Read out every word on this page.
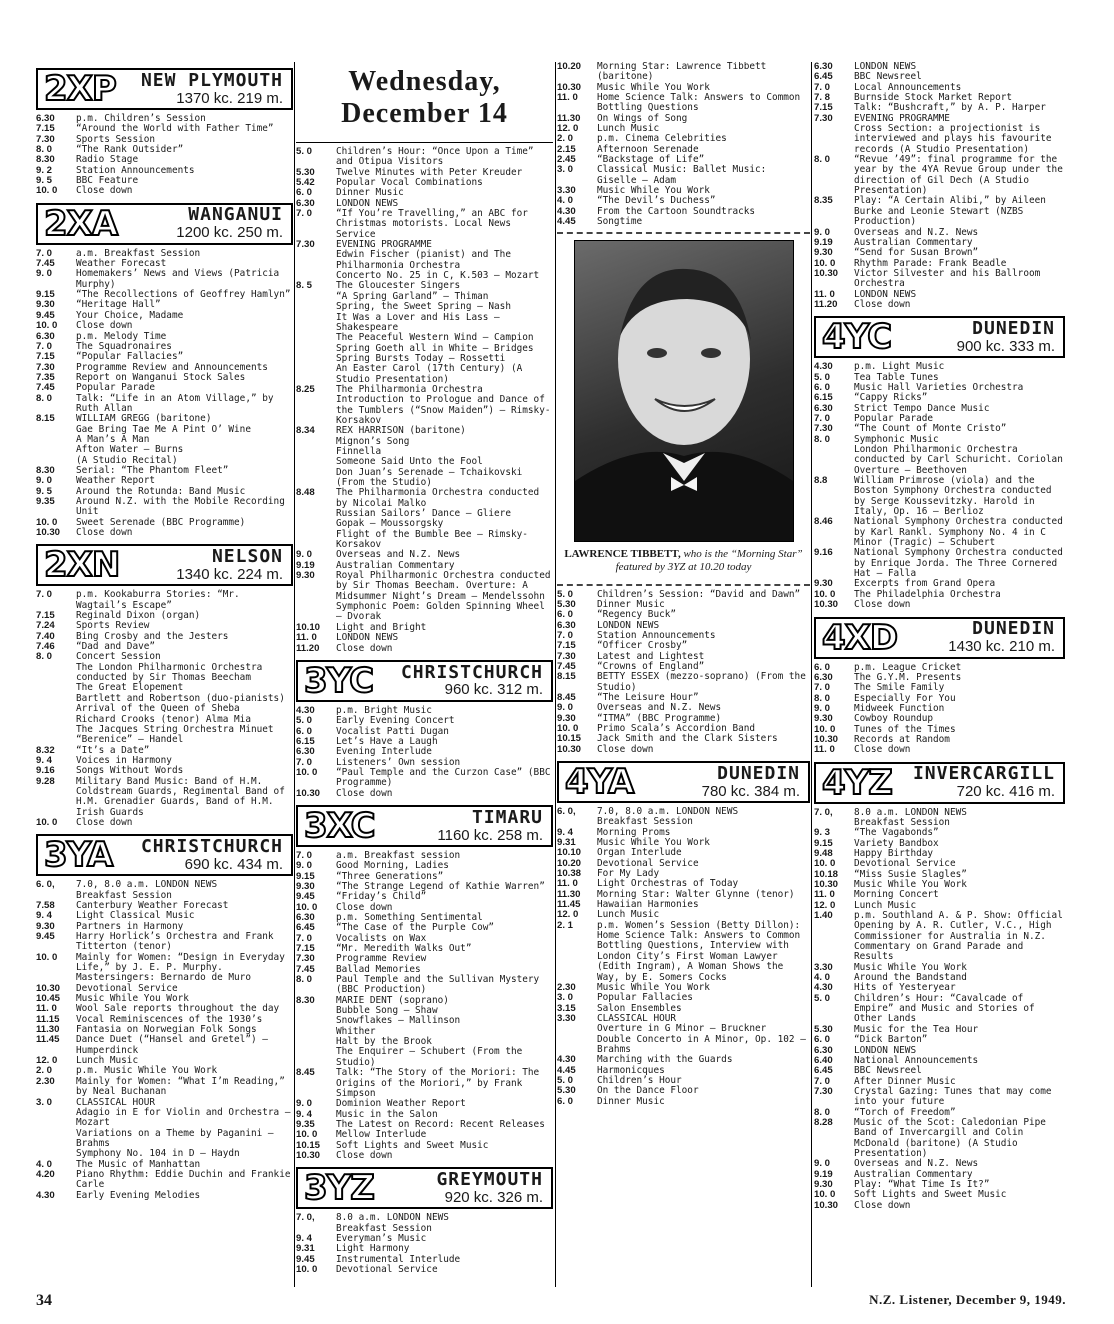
2XP	NEW PLYMOUTH
1370 kc. 219 m.
6.30	p.m. Children’s Session
7.15	“Around the World with Father Time”
7.30	Sports Session
8. 0	“The Rank Outsider”
8.30	Radio Stage
9. 2	Station Announcements
9. 5	BBC Feature
10. 0	Close down
2XA	WANGANUI
1200 kc. 250 m.
7. 0	a.m. Breakfast Session
7.45	Weather Forecast
9. 0	Homemakers’ News and Views (Patricia Murphy)
9.15	“The Recollections of Geoffrey Hamlyn”
9.30	“Heritage Hall”
9.45	Your Choice, Madame
10. 0	Close down
6.30	p.m. Melody Time
7. 0	The Squadronaires
7.15	“Popular Fallacies”
7.30	Programme Review and Announcements
7.35	Report on Wanganui Stock Sales
7.45	Popular Parade
8. 0	Talk: “Life in an Atom Village,” by Ruth Allan
8.15	WILLIAM GREGG (baritone)
Gae Bring Tae Me A Pint O’ Wine
A Man’s A Man
Afton Water — Burns
(A Studio Recital)
8.30	Serial: “The Phantom Fleet”
9. 0	Weather Report
9. 5	Around the Rotunda: Band Music
9.35	Around N.Z. with the Mobile Recording Unit
10. 0	Sweet Serenade (BBC Programme)
10.30	Close down
2XN	NELSON
1340 kc. 224 m.
7. 0	p.m. Kookaburra Stories: “Mr. Wagtail’s Escape”
7.15	Reginald Dixon (organ)
7.24	Sports Review
7.40	Bing Crosby and the Jesters
7.46	“Dad and Dave”
8. 0	Concert Session
The London Philharmonic Orchestra conducted by Sir Thomas Beecham
The Great Elopement
Bartlett and Robertson (duo-pianists) Arrival of the Queen of Sheba
Richard Crooks (tenor) Alma Mia
The Jacques String Orchestra Minuet “Berenice” — Handel
8.32	“It’s a Date”
9. 4	Voices in Harmony
9.16	Songs Without Words
9.28	Military Band Music: Band of H.M. Coldstream Guards, Regimental Band of H.M. Grenadier Guards, Band of H.M. Irish Guards
10. 0	Close down
3YA	CHRISTCHURCH
690 kc. 434 m.
6. 0,	7.0, 8.0 a.m. LONDON NEWS
Breakfast Session
7.58	Canterbury Weather Forecast
9. 4	Light Classical Music
9.30	Partners in Harmony
9.45	Harry Horlick’s Orchestra and Frank Titterton (tenor)
10. 0	Mainly for Women: “Design in Everyday Life,” by J. E. P. Murphy. Mastersingers: Bernardo de Muro
10.30	Devotional Service
10.45	Music While You Work
11. 0	Wool Sale reports throughout the day
11.15	Vocal Reminiscences of the 1930’s
11.30	Fantasia on Norwegian Folk Songs
11.45	Dance Duet (“Hansel and Gretel”) — Humperdinck
12. 0	Lunch Music
2. 0	p.m. Music While You Work
2.30	Mainly for Women: “What I’m Reading,” by Neal Buchanan
3. 0	CLASSICAL HOUR
Adagio in E for Violin and Orchestra — Mozart
Variations on a Theme by Paganini — Brahms
Symphony No. 104 in D — Haydn
4. 0	The Music of Manhattan
4.20	Piano Rhythm: Eddie Duchin and Frankie Carle
4.30	Early Evening Melodies
Wednesday, December 14
5. 0	Children’s Hour: “Once Upon a Time” and Otipua Visitors
5.30	Twelve Minutes with Peter Kreuder
5.42	Popular Vocal Combinations
6. 0	Dinner Music
6.30	LONDON NEWS
7. 0	“If You’re Travelling,” an ABC for Christmas motorists. Local News Service
7.30	EVENING PROGRAMME
Edwin Fischer (pianist) and The Philharmonia Orchestra
Concerto No. 25 in C, K.503 — Mozart
8. 5	The Gloucester Singers
“A Spring Garland” — Thiman
Spring, the Sweet Spring — Nash
It Was a Lover and His Lass — Shakespeare
The Peaceful Western Wind — Campion
Spring Goeth all in White — Bridges
Spring Bursts Today — Rossetti
An Easter Carol (17th Century) (A Studio Presentation)
8.25	The Philharmonia Orchestra Introduction to Prologue and Dance of the Tumblers (“Snow Maiden”) — Rimsky-Korsakov
8.34	REX HARRISON (baritone)
Mignon’s Song
Finnella
Someone Said Unto the Fool
Don Juan’s Serenade — Tchaikovski (From the Studio)
8.48	The Philharmonia Orchestra conducted by Nicolai Malko
Russian Sailors’ Dance — Gliere
Gopak — Moussorgsky
Flight of the Bumble Bee — Rimsky-Korsakov
9. 0	Overseas and N.Z. News
9.19	Australian Commentary
9.30	Royal Philharmonic Orchestra conducted by Sir Thomas Beecham. Overture: A Midsummer Night’s Dream — Mendelssohn
Symphonic Poem: Golden Spinning Wheel — Dvorak
10.10	Light and Bright
11. 0	LONDON NEWS
11.20	Close down
3YC	CHRISTCHURCH
960 kc. 312 m.
4.30	p.m. Bright Music
5. 0	Early Evening Concert
6. 0	Vocalist Patti Dugan
6.15	Let’s Have a Laugh
6.30	Evening Interlude
7. 0	Listeners’ Own session
10. 0	“Paul Temple and the Curzon Case” (BBC Programme)
10.30	Close down
3XC	TIMARU
1160 kc. 258 m.
7. 0	a.m. Breakfast session
9. 0	Good Morning, Ladies
9.15	“Three Generations”
9.30	“The Strange Legend of Kathie Warren”
9.45	“Friday’s Child”
10. 0	Close down
6.30	p.m. Something Sentimental
6.45	“The Case of the Purple Cow”
7. 0	Vocalists on Wax
7.15	“Mr. Meredith Walks Out”
7.30	Programme Review
7.45	Ballad Memories
8. 0	Paul Temple and the Sullivan Mystery (BBC Production)
8.30	MARIE DENT (soprano)
Bubble Song — Shaw
Snowflakes — Mallinson
Whither
Halt by the Brook
The Enquirer — Schubert (From the Studio)
8.45	Talk: “The Story of the Moriori: The Origins of the Moriori,” by Frank Simpson
9. 0	Dominion Weather Report
9. 4	Music in the Salon
9.35	The Latest on Record: Recent Releases
10. 0	Mellow Interlude
10.15	Soft Lights and Sweet Music
10.30	Close down
3YZ	GREYMOUTH
920 kc. 326 m.
7. 0,	8.0 a.m. LONDON NEWS
Breakfast Session
9. 4	Everyman’s Music
9.31	Light Harmony
9.45	Instrumental Interlude
10. 0	Devotional Service
10.20	Morning Star: Lawrence Tibbett (baritone)
10.30	Music While You Work
11. 0	Home Science Talk: Answers to Common Bottling Questions
11.30	On Wings of Song
12. 0	Lunch Music
2. 0	p.m. Cinema Celebrities
2.15	Afternoon Serenade
2.45	“Backstage of Life”
3. 0	Classical Music: Ballet Music: Giselle — Adam
3.30	Music While You Work
4. 0	“The Devil’s Duchess”
4.30	From the Cartoon Soundtracks
4.45	Songtime
LAWRENCE TIBBETT, who is the “Morning Star” featured by 3YZ at 10.20 today
5. 0	Children’s Session: “David and Dawn”
5.30	Dinner Music
6. 0	“Regency Buck”
6.30	LONDON NEWS
7. 0	Station Announcements
7.15	“Officer Crosby”
7.30	Latest and Lightest
7.45	“Crowns of England”
8.15	BETTY ESSEX (mezzo-soprano) (From the Studio)
8.45	“The Leisure Hour”
9. 0	Overseas and N.Z. News
9.30	“ITMA” (BBC Programme)
10. 0	Primo Scala’s Accordion Band
10.15	Jack Smith and the Clark Sisters
10.30	Close down
4YA	DUNEDIN
780 kc. 384 m.
6. 0,	7.0, 8.0 a.m. LONDON NEWS
Breakfast Session
9. 4	Morning Proms
9.31	Music While You Work
10.10	Organ Interlude
10.20	Devotional Service
10.38	For My Lady
11. 0	Light Orchestras of Today
11.30	Morning Star: Walter Glynne (tenor)
11.45	Hawaiian Harmonies
12. 0	Lunch Music
2. 1	p.m. Women’s Session (Betty Dillon): Home Science Talk: Answers to Common Bottling Questions, Interview with London City’s First Woman Lawyer (Edith Ingram), A Woman Shows the Way, by E. Somers Cocks
2.30	Music While You Work
3. 0	Popular Fallacies
3.15	Salon Ensembles
3.30	CLASSICAL HOUR
Overture in G Minor — Bruckner
Double Concerto in A Minor, Op. 102 — Brahms
4.30	Marching with the Guards
4.45	Harmonicques
5. 0	Children’s Hour
5.30	On the Dance Floor
6. 0	Dinner Music
6.30	LONDON NEWS
6.45	BBC Newsreel
7. 0	Local Announcements
7. 8	Burnside Stock Market Report
7.15	Talk: “Bushcraft,” by A. P. Harper
7.30	EVENING PROGRAMME
Cross Section: a projectionist is interviewed and plays his favourite records (A Studio Presentation)
8. 0	“Revue ’49”: final programme for the year by the 4YA Revue Group under the direction of Gil Dech (A Studio Presentation)
8.35	Play: “A Certain Alibi,” by Aileen Burke and Leonie Stewart (NZBS Production)
9. 0	Overseas and N.Z. News
9.19	Australian Commentary
9.30	“Send for Susan Brown”
10. 0	Rhythm Parade: Frank Beadle
10.30	Victor Silvester and his Ballroom Orchestra
11. 0	LONDON NEWS
11.20	Close down
4YC	DUNEDIN
900 kc. 333 m.
4.30	p.m. Light Music
5. 0	Tea Table Tunes
6. 0	Music Hall Varieties Orchestra
6.15	“Cappy Ricks”
6.30	Strict Tempo Dance Music
7. 0	Popular Parade
7.30	“The Count of Monte Cristo”
8. 0	Symphonic Music
London Philharmonic Orchestra conducted by Carl Schuricht. Coriolan Overture — Beethoven
8.8	William Primrose (viola) and the Boston Symphony Orchestra conducted by Serge Koussevitzky. Harold in Italy, Op. 16 — Berlioz
8.46	National Symphony Orchestra conducted by Karl Rankl. Symphony No. 4 in C Minor (Tragic) — Schubert
9.16	National Symphony Orchestra conducted by Enrique Jorda. The Three Cornered Hat — Falla
9.30	Excerpts from Grand Opera
10. 0	The Philadelphia Orchestra
10.30	Close down
4XD	DUNEDIN
1430 kc. 210 m.
6. 0	p.m. League Cricket
6.30	The G.Y.M. Presents
7. 0	The Smile Family
8. 0	Especially For You
9. 0	Midweek Function
9.30	Cowboy Roundup
10. 0	Tunes of the Times
10.30	Records at Random
11. 0	Close down
4YZ	INVERCARGILL
720 kc. 416 m.
7. 0,	8.0 a.m. LONDON NEWS
Breakfast Session
9. 3	“The Vagabonds”
9.15	Variety Bandbox
9.48	Happy Birthday
10. 0	Devotional Service
10.18	“Miss Susie Slagles”
10.30	Music While You Work
11. 0	Morning Concert
12. 0	Lunch Music
1.40	p.m. Southland A. & P. Show: Official Opening by A. R. Cutler, V.C., High Commissioner for Australia in N.Z. Commentary on Grand Parade and Results
3.30	Music While You Work
4. 0	Around the Bandstand
4.30	Hits of Yesteryear
5. 0	Children’s Hour: “Cavalcade of Empire” and Music and Stories of Other Lands
5.30	Music for the Tea Hour
6. 0	“Dick Barton”
6.30	LONDON NEWS
6.40	National Announcements
6.45	BBC Newsreel
7. 0	After Dinner Music
7.30	Crystal Gazing: Tunes that may come into your future
8. 0	“Torch of Freedom”
8.28	Music of the Scot: Caledonian Pipe Band of Invercargill and Colin McDonald (baritone) (A Studio Presentation)
9. 0	Overseas and N.Z. News
9.19	Australian Commentary
9.30	Play: “What Time Is It?”
10. 0	Soft Lights and Sweet Music
10.30	Close down
34	N.Z. Listener, December 9, 1949.
